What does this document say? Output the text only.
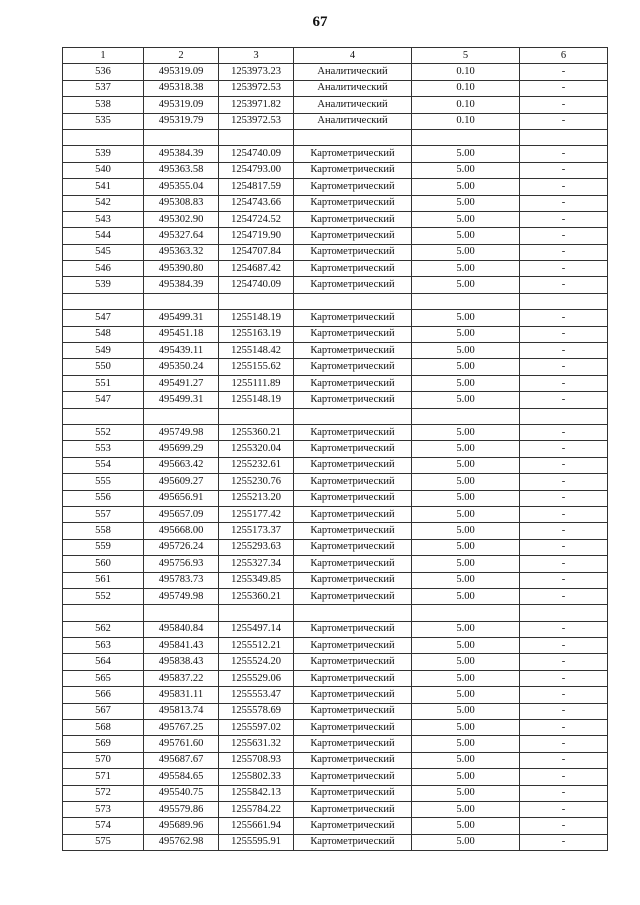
67
1	2	3	4	5	6
536	495319.09	1253973.23	Аналитический	0.10	-
537	495318.38	1253972.53	Аналитический	0.10	-
538	495319.09	1253971.82	Аналитический	0.10	-
535	495319.79	1253972.53	Аналитический	0.10	-

539	495384.39	1254740.09	Картометрический	5.00	-
540	495363.58	1254793.00	Картометрический	5.00	-
541	495355.04	1254817.59	Картометрический	5.00	-
542	495308.83	1254743.66	Картометрический	5.00	-
543	495302.90	1254724.52	Картометрический	5.00	-
544	495327.64	1254719.90	Картометрический	5.00	-
545	495363.32	1254707.84	Картометрический	5.00	-
546	495390.80	1254687.42	Картометрический	5.00	-
539	495384.39	1254740.09	Картометрический	5.00	-

547	495499.31	1255148.19	Картометрический	5.00	-
548	495451.18	1255163.19	Картометрический	5.00	-
549	495439.11	1255148.42	Картометрический	5.00	-
550	495350.24	1255155.62	Картометрический	5.00	-
551	495491.27	1255111.89	Картометрический	5.00	-
547	495499.31	1255148.19	Картометрический	5.00	-

552	495749.98	1255360.21	Картометрический	5.00	-
553	495699.29	1255320.04	Картометрический	5.00	-
554	495663.42	1255232.61	Картометрический	5.00	-
555	495609.27	1255230.76	Картометрический	5.00	-
556	495656.91	1255213.20	Картометрический	5.00	-
557	495657.09	1255177.42	Картометрический	5.00	-
558	495668.00	1255173.37	Картометрический	5.00	-
559	495726.24	1255293.63	Картометрический	5.00	-
560	495756.93	1255327.34	Картометрический	5.00	-
561	495783.73	1255349.85	Картометрический	5.00	-
552	495749.98	1255360.21	Картометрический	5.00	-

562	495840.84	1255497.14	Картометрический	5.00	-
563	495841.43	1255512.21	Картометрический	5.00	-
564	495838.43	1255524.20	Картометрический	5.00	-
565	495837.22	1255529.06	Картометрический	5.00	-
566	495831.11	1255553.47	Картометрический	5.00	-
567	495813.74	1255578.69	Картометрический	5.00	-
568	495767.25	1255597.02	Картометрический	5.00	-
569	495761.60	1255631.32	Картометрический	5.00	-
570	495687.67	1255708.93	Картометрический	5.00	-
571	495584.65	1255802.33	Картометрический	5.00	-
572	495540.75	1255842.13	Картометрический	5.00	-
573	495579.86	1255784.22	Картометрический	5.00	-
574	495689.96	1255661.94	Картометрический	5.00	-
575	495762.98	1255595.91	Картометрический	5.00	-
